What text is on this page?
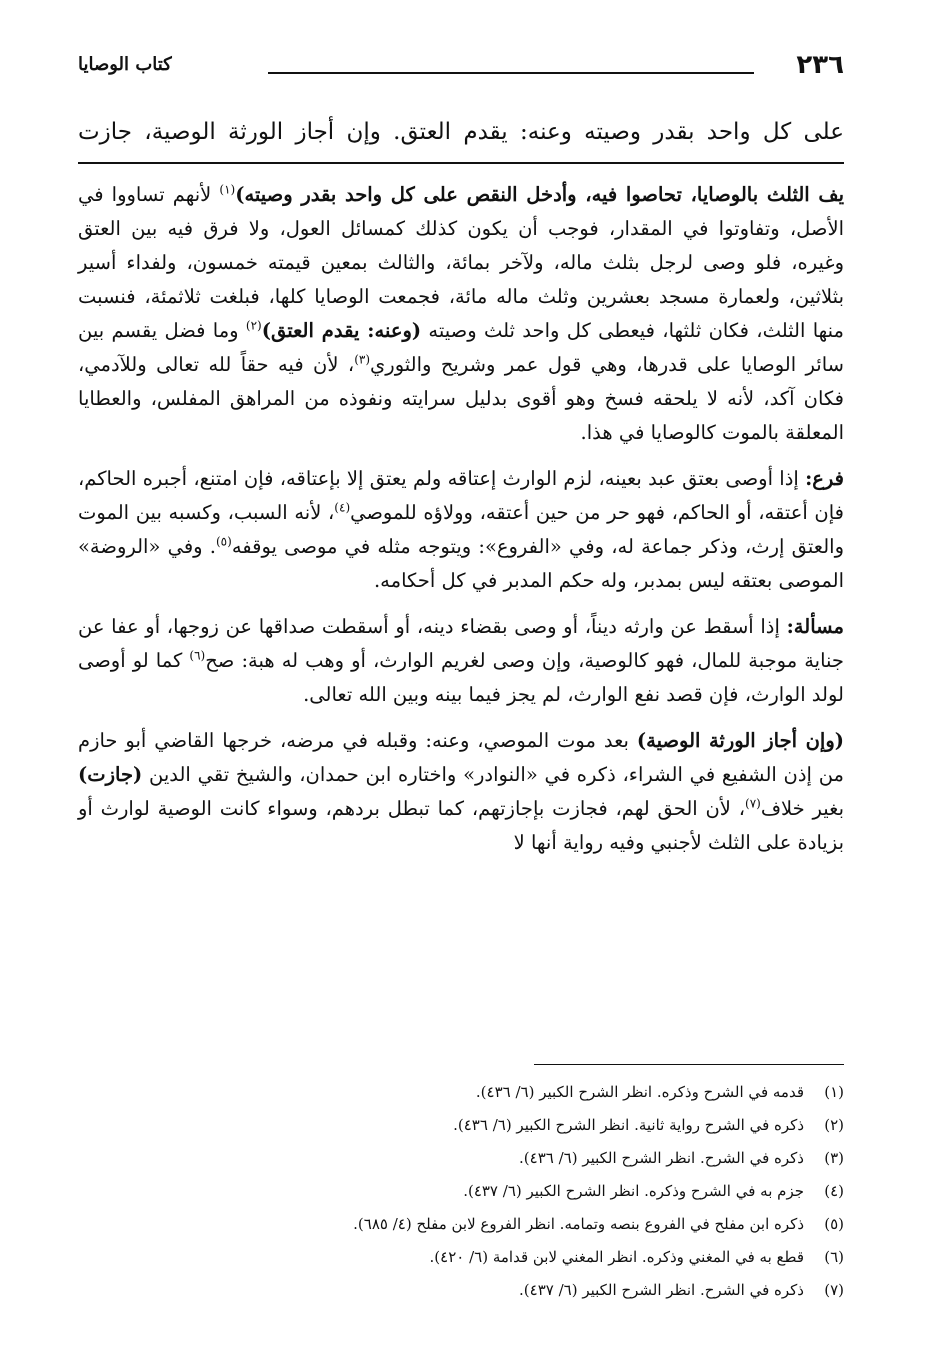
٢٣٦
كتاب الوصايا
على كل واحد بقدر وصيته وعنه: يقدم العتق. وإن أجاز الورثة الوصية، جازت

يف الثلث بالوصايا، تحاصوا فيه، وأدخل النقص على كل واحد بقدر وصيته)$^{(١)}$ لأنهم تساووا في الأصل، وتفاوتوا في المقدار، فوجب أن يكون كذلك كمسائل العول، ولا فرق فيه بين العتق وغيره، فلو وصى لرجل بثلث ماله، ولآخر بمائة، والثالث بمعين قيمته خمسون، ولفداء أسير بثلاثين، ولعمارة مسجد بعشرين وثلث ماله مائة، فجمعت الوصايا كلها، فبلغت ثلاثمئة، فنسبت منها الثلث، فكان ثلثها، فيعطى كل واحد ثلث وصيته (وعنه: يقدم العتق)$^{(٢)}$ وما فضل يقسم بين سائر الوصايا على قدرها، وهي قول عمر وشريح والثوري$^{(٣)}$، لأن فيه حقاً لله تعالى وللآدمي، فكان آكد، لأنه لا يلحقه فسخ وهو أقوى بدليل سرايته ونفوذه من المراهق المفلس، والعطايا المعلقة بالموت كالوصايا في هذا.

فرع: إذا أوصى بعتق عبد بعينه، لزم الوارث إعتاقه ولم يعتق إلا بإعتاقه، فإن امتنع، أجبره الحاكم، فإن أعتقه، أو الحاكم، فهو حر من حين أعتقه، وولاؤه للموصي$^{(٤)}$، لأنه السبب، وكسبه بين الموت والعتق إرث، وذكر جماعة له، وفي «الفروع»: ويتوجه مثله في موصى يوقفه$^{(٥)}$. وفي «الروضة» الموصى بعتقه ليس بمدبر، وله حكم المدبر في كل أحكامه.

مسألة: إذا أسقط عن وارثه ديناً، أو وصى بقضاء دينه، أو أسقطت صداقها عن زوجها، أو عفا عن جناية موجبة للمال، فهو كالوصية، وإن وصى لغريم الوارث، أو وهب له هبة: صح$^{(٦)}$ كما لو أوصى لولد الوارث، فإن قصد نفع الوارث، لم يجز فيما بينه وبين الله تعالى.

(وإن أجاز الورثة الوصية) بعد موت الموصي، وعنه: وقبله في مرضه، خرجها القاضي أبو حازم من إذن الشفيع في الشراء، ذكره في «النوادر» واختاره ابن حمدان، والشيخ تقي الدين (جازت) بغير خلاف$^{(٧)}$، لأن الحق لهم، فجازت بإجازتهم، كما تبطل بردهم، وسواء كانت الوصية لوارث أو بزيادة على الثلث لأجنبي وفيه رواية أنها لا

(١)
قدمه في الشرح وذكره. انظر الشرح الكبير (٦/ ٤٣٦).
(٢)
ذكره في الشرح رواية ثانية. انظر الشرح الكبير (٦/ ٤٣٦).
(٣)
ذكره في الشرح. انظر الشرح الكبير (٦/ ٤٣٦).
(٤)
جزم به في الشرح وذكره. انظر الشرح الكبير (٦/ ٤٣٧).
(٥)
ذكره ابن مفلح في الفروع بنصه وتمامه. انظر الفروع لابن مفلح (٤/ ٦٨٥).
(٦)
قطع به في المغني وذكره. انظر المغني لابن قدامة (٦/ ٤٢٠).
(٧)
ذكره في الشرح. انظر الشرح الكبير (٦/ ٤٣٧).
